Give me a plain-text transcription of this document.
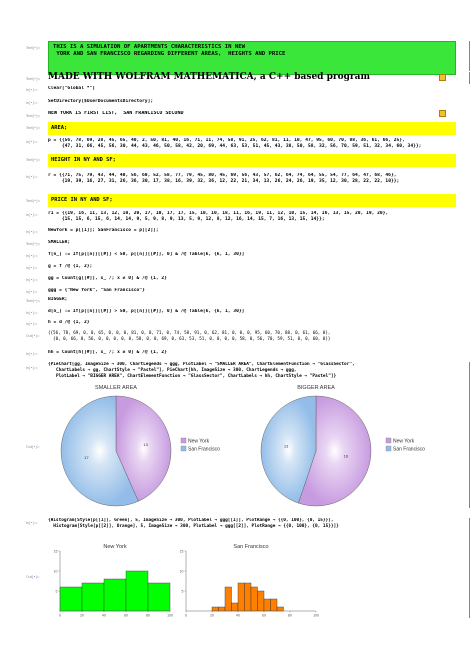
Text[•]=	THIS IS A SIMULATION OF APARTMENTS CHARACTERISTICS IN NEW
YORK AND SAN FRANCISCO REGARDING DIFFERENT AREAS,  HEIGHTS AND PRICE
Text[•]= MADE WITH WOLFRAM MATHEMATICA, a C++ based program
In[•]:= Clear["Global`*"]
In[•]:= SetDirectory[$UserDocumentsDirectory];
Text[•]= NEW YORK IS FIRST LIST,  SAN FRANCISCO SECOND
Text[•]=	AREA;
In[•]:= p = {{56, 78, 69, 28, 45, 65, 40, 2, 50, 81, 40, 16, 71, 11, 74, 58, 91, 25, 62, 81, 11, 10, 47, 95, 60, 70, 88, 36, 61, 66, 25},
{47, 31, 66, 45, 56, 30, 44, 43, 46, 50, 58, 42, 20, 69, 44, 63, 53, 51, 45, 43, 38, 50, 58, 32, 56, 70, 59, 51, 32, 34, 60, 34}};
Text[•]=	HEIGHT IN NY AND SF;
In[•]:= r = {{71, 75, 79, 43, 44, 40, 56, 60, 52, 58, 77, 79, 45, 80, 45, 69, 56, 43, 57, 62, 64, 74, 64, 55, 54, 77, 64, 47, 68, 46},
{19, 39, 16, 27, 31, 26, 36, 30, 17, 38, 16, 39, 32, 36, 12, 22, 21, 34, 13, 26, 24, 26, 19, 35, 12, 30, 28, 22, 22, 10}};
Text[•]=	PRICE IN NY AND SF;
In[•]:= r1 = {{19, 16, 11, 13, 12, 10, 20, 17, 10, 17, 17, 15, 10, 10, 18, 11, 16, 19, 11, 12, 10, 15, 14, 16, 13, 15, 20, 19, 20},
{15, 15, 6, 15, 6, 14, 14, 9, 5, 9, 8, 9, 13, 5, 9, 12, 8, 12, 16, 14, 15, 7, 16, 13, 15, 14}};
In[•]:= NewYork = p[[1]]; SanFrancisco = p[[2]];
Text[•]= SMALLER;
In[•]:= f[n_] := If[p[[n]][[#]] < 50, p[[n]][[#]], 0] & /@ Table[k, {k, 1, 30}]
In[•]:= g = f /@ {1, 2};
In[•]:= gg = Count[g[[#]], x_ /; x ≠ 0] & /@ {1, 2}
In[•]:= ggg = {"New York", "San Francisco"}
Text[•]= BIGGER;
In[•]:= d[n_] := If[p[[n]][[#]] > 50, p[[n]][[#]], 0] & /@ Table[k, {k, 1, 30}]
In[•]:= h = d /@ {1, 2}
Out[•]=
{{56, 78, 69, 0, 0, 65, 0, 0, 0, 81, 0, 0, 71, 0, 74, 58, 91, 0, 62, 81, 0, 0, 0, 95, 60, 70, 88, 0, 61, 66, 0},
{0, 0, 66, 0, 56, 0, 0, 0, 0, 0, 58, 0, 0, 69, 0, 63, 53, 51, 0, 0, 0, 0, 58, 0, 56, 70, 59, 51, 0, 0, 60, 0}}
In[•]:= hh = Count[h[[#]], x_ /; x ≠ 0] & /@ {1, 2}
In[•]:=
{PieChart[gg, ImageSize → 300, ChartLegends → ggg, PlotLabel → "SMALLER AREA", ChartElementFunction → "GlassSector",
ChartLabels → gg, ChartStyle → "Pastel"], PieChart[hh, ImageSize → 300, ChartLegends → ggg,
PlotLabel → "BIGGER AREA", ChartElementFunction → "GlassSector", ChartLabels → hh, ChartStyle → "Pastel"]}
Out[•]=
SMALLER AREA
13
17
New York
San Francisco
BIGGER AREA
16
13
New York
San Francisco
In[•]:= {Histogram[Style[p[[1]], Green], 5, ImageSize → 300, PlotLabel → ggg[[1]], PlotRange → {{0, 100}, {0, 15}}],
Histogram[Style[p[[2]], Orange], 5, ImageSize → 300, PlotLabel → ggg[[2]], PlotRange → {{0, 100}, {0, 15}}]}
Out[•]=
New York
0	20	40	60	80	100
5
10
15
San Francisco
0	20	40	60	80	100
5
10
15
